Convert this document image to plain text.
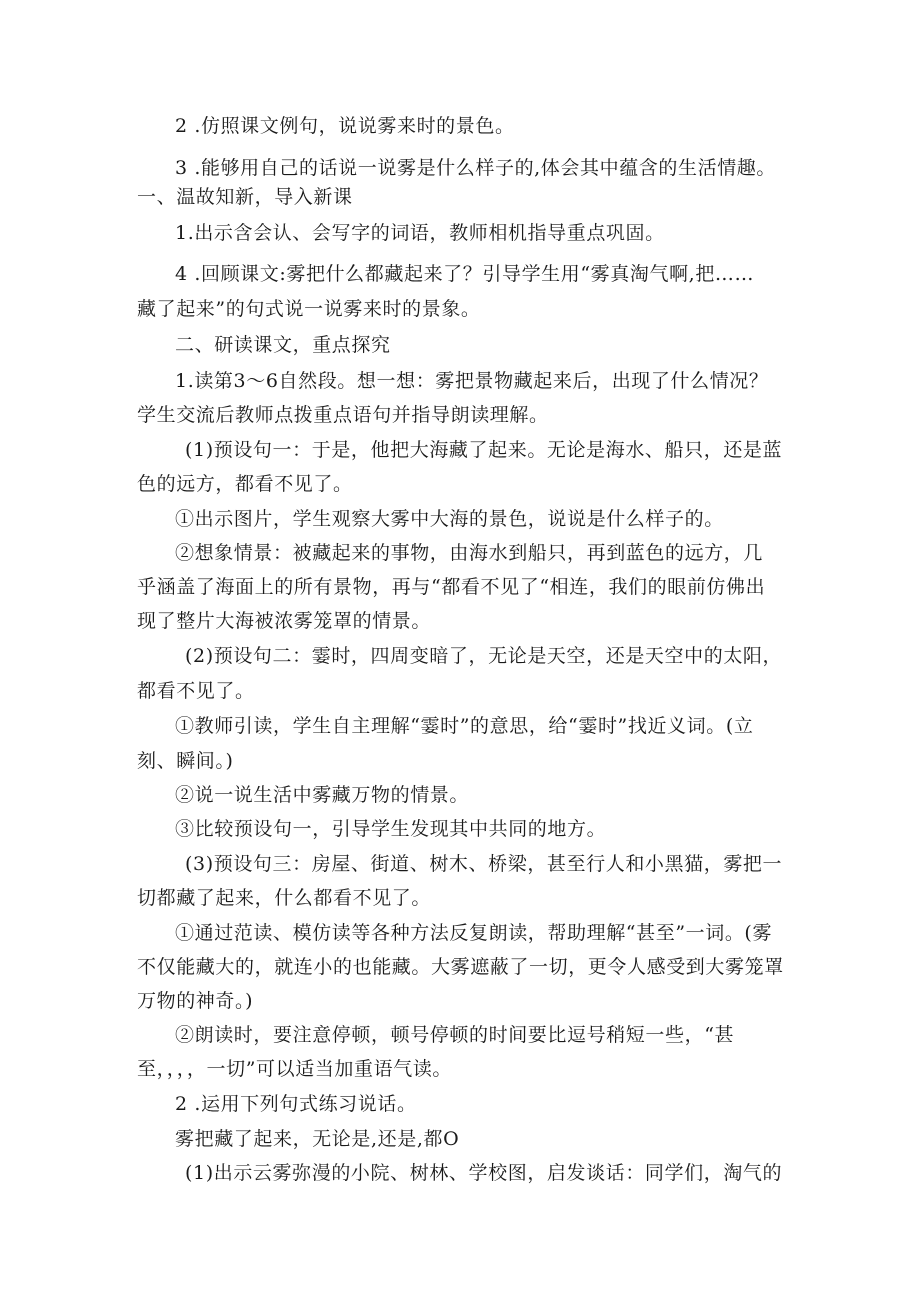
2 .仿照课文例句，说说雾来时的景色。
3 .能够用自己的话说一说雾是什么样子的,体会其中蕴含的生活情趣。
一、温故知新，导入新课
1.出示含会认、会写字的词语，教师相机指导重点巩固。
4 .回顾课文:雾把什么都藏起来了？引导学生用“雾真淘气啊,把……
藏了起来”的句式说一说雾来时的景象。
二、研读课文，重点探究
1.读第3～6自然段。想一想：雾把景物藏起来后，出现了什么情况？
学生交流后教师点拨重点语句并指导朗读理解。
(1)预设句一：于是，他把大海藏了起来。无论是海水、船只，还是蓝
色的远方，都看不见了。
①出示图片，学生观察大雾中大海的景色，说说是什么样子的。
②想象情景：被藏起来的事物，由海水到船只，再到蓝色的远方，几
乎涵盖了海面上的所有景物，再与“都看不见了“相连，我们的眼前仿佛出
现了整片大海被浓雾笼罩的情景。
(2)预设句二：霎时，四周变暗了，无论是天空，还是天空中的太阳，
都看不见了。
①教师引读，学生自主理解“霎时”的意思，给“霎时”找近义词。(立
刻、瞬间。)
②说一说生活中雾藏万物的情景。
③比较预设句一，引导学生发现其中共同的地方。
(3)预设句三：房屋、街道、树木、桥梁，甚至行人和小黑猫，雾把一
切都藏了起来，什么都看不见了。
①通过范读、模仿读等各种方法反复朗读，帮助理解“甚至”一词。(雾
不仅能藏大的，就连小的也能藏。大雾遮蔽了一切，更令人感受到大雾笼罩
万物的神奇。)
②朗读时，要注意停顿，顿号停顿的时间要比逗号稍短一些，“甚
至，，，，一切”可以适当加重语气读。
2 .运用下列句式练习说话。
雾把藏了起来，无论是,还是,都O
(1)出示云雾弥漫的小院、树林、学校图，启发谈话：同学们，淘气的
